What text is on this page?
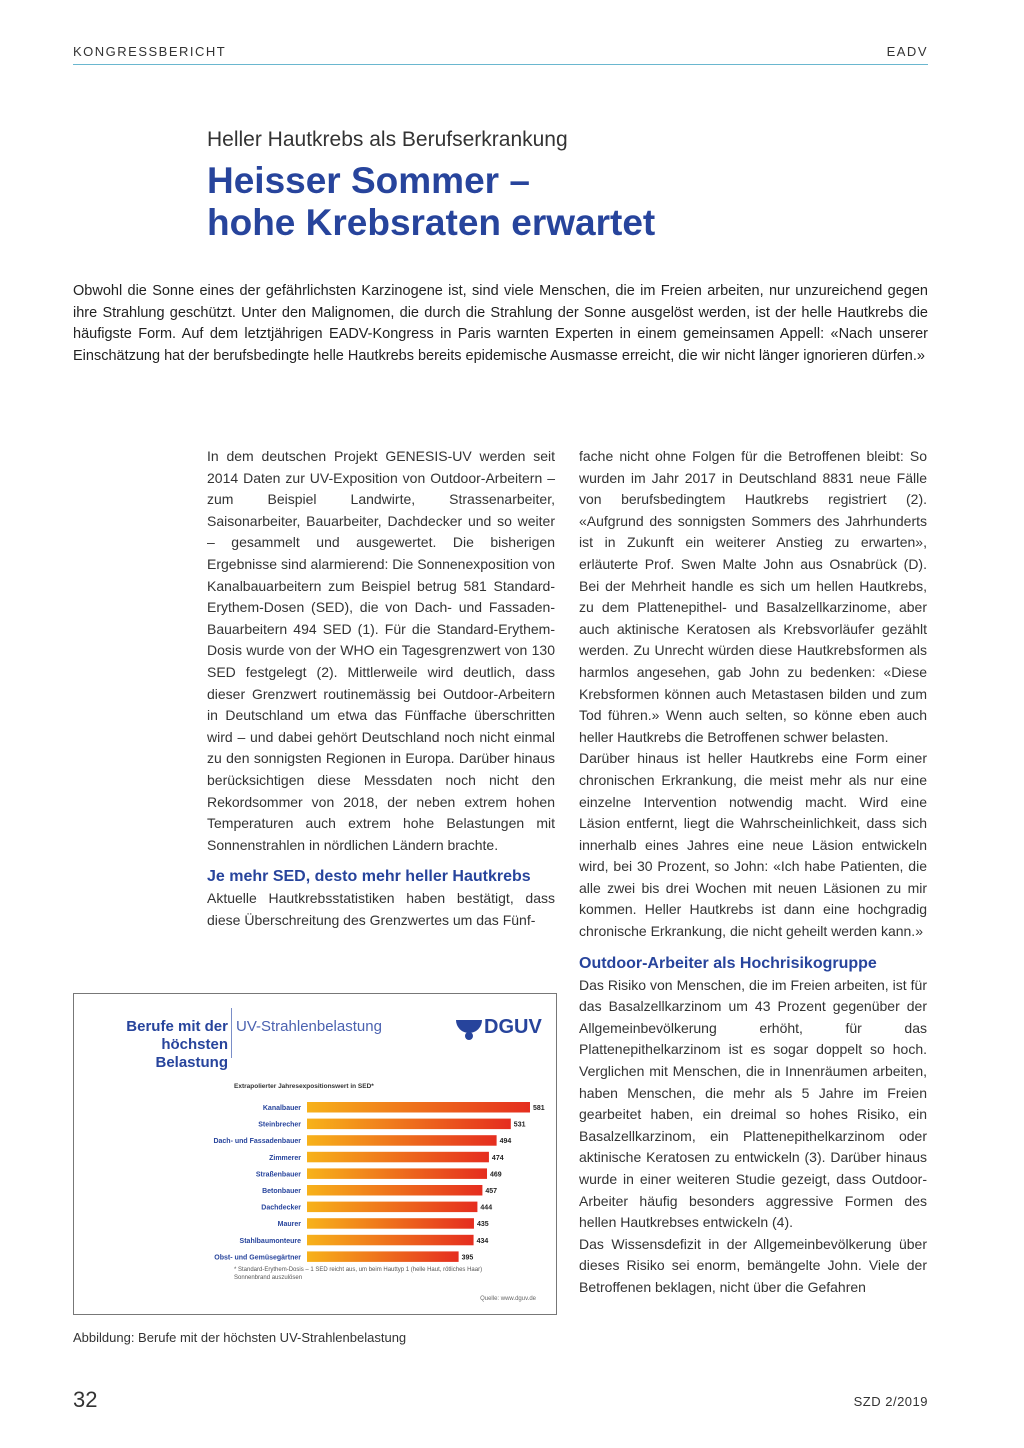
KONGRESSBERICHT	EADV
Heller Hautkrebs als Berufserkrankung
Heisser Sommer –
hohe Krebsraten erwartet

Obwohl die Sonne eines der gefährlichsten Karzinogene ist, sind viele Menschen, die im Freien arbeiten, nur unzureichend gegen ihre Strahlung geschützt. Unter den Malignomen, die durch die Strahlung der Sonne ausgelöst werden, ist der helle Hautkrebs die häufigste Form. Auf dem letztjährigen EADV-Kongress in Paris warnten Experten in einem gemeinsamen Appell: «Nach unserer Einschätzung hat der berufsbedingte helle Hautkrebs bereits epidemische Ausmasse erreicht, die wir nicht länger ignorieren dürfen.»

In dem deutschen Projekt GENESIS-UV werden seit 2014 Daten zur UV-Exposition von Outdoor-Arbeitern – zum Beispiel Landwirte, Strassenarbeiter, Saisonarbeiter, Bauarbeiter, Dachdecker und so weiter – gesammelt und ausgewertet. Die bisherigen Ergebnisse sind alarmierend: Die Sonnenexposition von Kanalbauarbeitern zum Beispiel betrug 581 Standard-Erythem-Dosen (SED), die von Dach- und Fassaden-Bauarbeitern 494 SED (1). Für die Standard-Erythem-Dosis wurde von der WHO ein Tagesgrenzwert von 130 SED festgelegt (2). Mittlerweile wird deutlich, dass dieser Grenzwert routinemässig bei Outdoor-Arbeitern in Deutschland um etwa das Fünffache überschritten wird – und dabei gehört Deutschland noch nicht einmal zu den sonnigsten Regionen in Europa. Darüber hinaus berücksichtigen diese Messdaten noch nicht den Rekordsommer von 2018, der neben extrem hohen Temperaturen auch extrem hohe Belastungen mit Sonnenstrahlen in nördlichen Ländern brachte.

Je mehr SED, desto mehr heller Hautkrebs

Aktuelle Hautkrebsstatistiken haben bestätigt, dass diese Überschreitung des Grenzwertes um das Fünf-

fache nicht ohne Folgen für die Betroffenen bleibt: So wurden im Jahr 2017 in Deutschland 8831 neue Fälle von berufsbedingtem Hautkrebs registriert (2). «Aufgrund des sonnigsten Sommers des Jahrhunderts ist in Zukunft ein weiterer Anstieg zu erwarten», erläuterte Prof. Swen Malte John aus Osnabrück (D). Bei der Mehrheit handle es sich um hellen Hautkrebs, zu dem Plattenepithel- und Basalzellkarzinome, aber auch aktinische Keratosen als Krebsvorläufer gezählt werden. Zu Unrecht würden diese Hautkrebsformen als harmlos angesehen, gab John zu bedenken: «Diese Krebsformen können auch Metastasen bilden und zum Tod führen.» Wenn auch selten, so könne eben auch heller Hautkrebs die Betroffenen schwer belasten.

Darüber hinaus ist heller Hautkrebs eine Form einer chronischen Erkrankung, die meist mehr als nur eine einzelne Intervention notwendig macht. Wird eine Läsion entfernt, liegt die Wahrscheinlichkeit, dass sich innerhalb eines Jahres eine neue Läsion entwickeln wird, bei 30 Prozent, so John: «Ich habe Patienten, die alle zwei bis drei Wochen mit neuen Läsionen zu mir kommen. Heller Hautkrebs ist dann eine hochgradig chronische Erkrankung, die nicht geheilt werden kann.»

Outdoor-Arbeiter als Hochrisikogruppe

Das Risiko von Menschen, die im Freien arbeiten, ist für das Basalzellkarzinom um 43 Prozent gegenüber der Allgemeinbevölkerung erhöht, für das Plattenepithelkarzinom ist es sogar doppelt so hoch. Verglichen mit Menschen, die in Innenräumen arbeiten, haben Menschen, die mehr als 5 Jahre im Freien gearbeitet haben, ein dreimal so hohes Risiko, ein Basalzellkarzinom, ein Plattenepithelkarzinom oder aktinische Keratosen zu entwickeln (3). Darüber hinaus wurde in einer weiteren Studie gezeigt, dass Outdoor-Arbeiter häufig besonders aggressive Formen des hellen Hautkrebses entwickeln (4).

Das Wissensdefizit in der Allgemeinbevölkerung über dieses Risiko sei enorm, bemängelte John. Viele der Betroffenen beklagen, nicht über die Gefahren

Berufe mit der
höchsten Belastung
UV-Strahlenbelastung	DGUV
Extrapolierter Jahresexpositionswert in SED*
Kanalbauer	581
Steinbrecher	531
Dach- und Fassadenbauer	494
Zimmerer	474
Straßenbauer	469
Betonbauer	457
Dachdecker	444
Maurer	435
Stahlbaumonteure	434
Obst- und Gemüsegärtner	395
* Standard-Erythem-Dosis – 1 SED reicht aus, um beim Hauttyp 1 (helle Haut, rötliches Haar) Sonnenbrand auszulösen
Quelle: www.dguv.de
Abbildung: Berufe mit der höchsten UV-Strahlenbelastung
32	SZD 2/2019
